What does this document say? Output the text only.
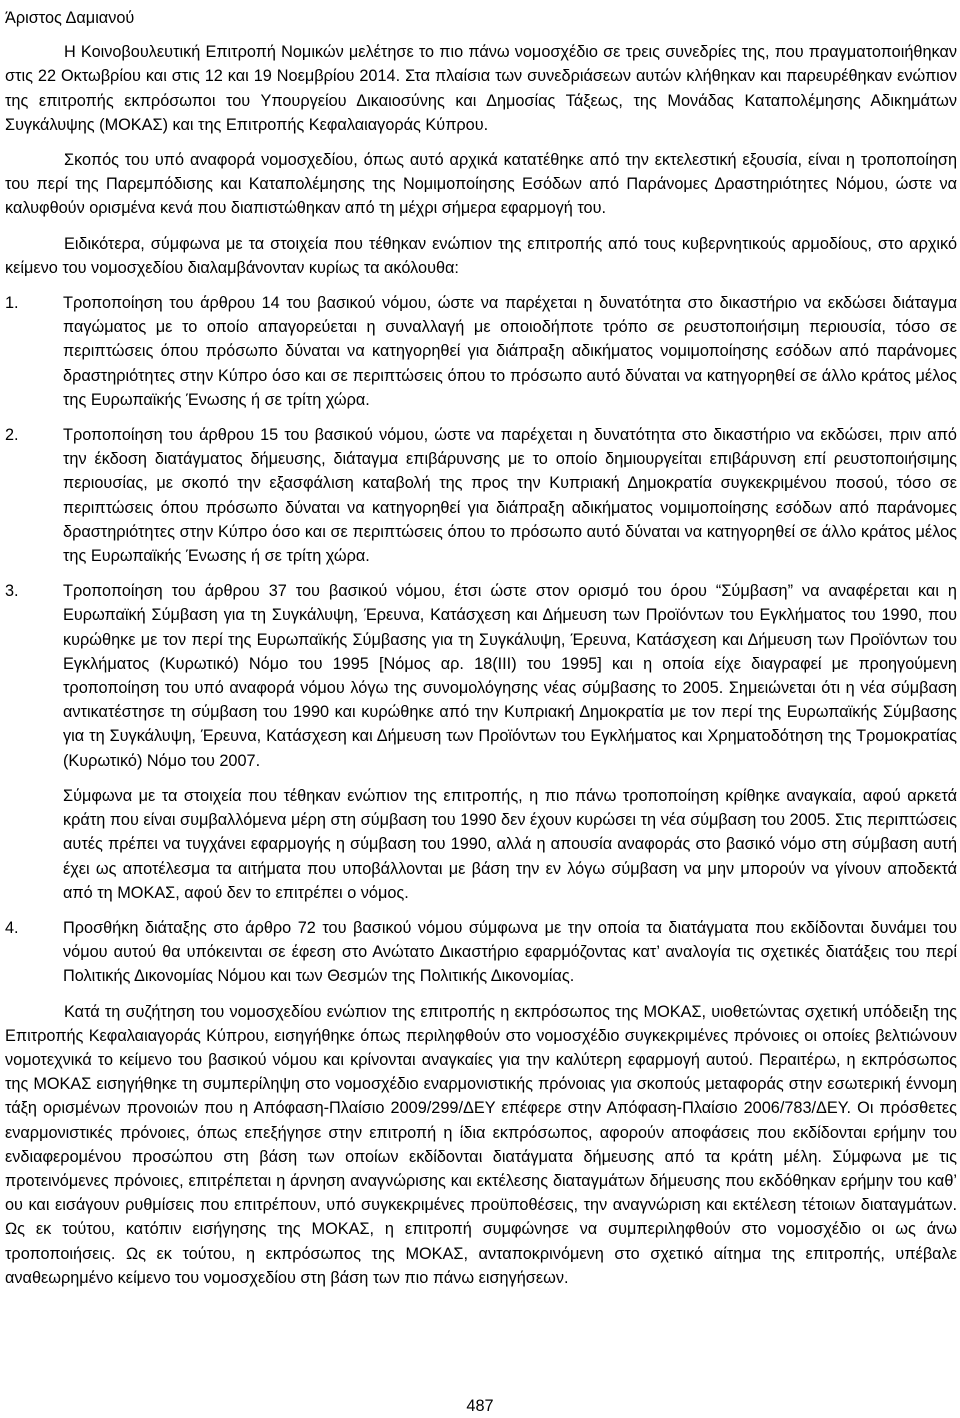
Άριστος Δαμιανού

Η Κοινοβουλευτική Επιτροπή Νομικών μελέτησε το πιο πάνω νομοσχέδιο σε τρεις συνεδρίες της, που πραγματοποιήθηκαν στις 22 Οκτωβρίου και στις 12 και 19 Νοεμβρίου 2014. Στα πλαίσια των συνεδριάσεων αυτών κλήθηκαν και παρευρέθηκαν ενώπιον της επιτροπής εκπρόσωποι του Υπουργείου Δικαιοσύνης και Δημοσίας Τάξεως, της Μονάδας Καταπολέμησης Αδικημάτων Συγκάλυψης (ΜΟΚΑΣ) και της Επιτροπής Κεφαλαιαγοράς Κύπρου.

Σκοπός του υπό αναφορά νομοσχεδίου, όπως αυτό αρχικά κατατέθηκε από την εκτελεστική εξουσία, είναι η τροποποίηση του περί της Παρεμπόδισης και Καταπολέμησης της Νομιμοποίησης Εσόδων από Παράνομες Δραστηριότητες Νόμου, ώστε να καλυφθούν ορισμένα κενά που διαπιστώθηκαν από τη μέχρι σήμερα εφαρμογή του.

Ειδικότερα, σύμφωνα με τα στοιχεία που τέθηκαν ενώπιον της επιτροπής από τους κυβερνητικούς αρμοδίους, στο αρχικό κείμενο του νομοσχεδίου διαλαμβάνονταν κυρίως τα ακόλουθα:

1.	Τροποποίηση του άρθρου 14 του βασικού νόμου, ώστε να παρέχεται η δυνατότητα στο δικαστήριο να εκδώσει διάταγμα παγώματος με το οποίο απαγορεύεται η συναλλαγή με οποιοδήποτε τρόπο σε ρευστοποιήσιμη περιουσία, τόσο σε περιπτώσεις όπου πρόσωπο δύναται να κατηγορηθεί για διάπραξη αδικήματος νομιμοποίησης εσόδων από παράνομες δραστηριότητες στην Κύπρο όσο και σε περιπτώσεις όπου το πρόσωπο αυτό δύναται να κατηγορηθεί σε άλλο κράτος μέλος της Ευρωπαϊκής Ένωσης ή σε τρίτη χώρα.

2.	Τροποποίηση του άρθρου 15 του βασικού νόμου, ώστε να παρέχεται η δυνατότητα στο δικαστήριο να εκδώσει, πριν από την έκδοση διατάγματος δήμευσης, διάταγμα επιβάρυνσης με το οποίο δημιουργείται επιβάρυνση επί ρευστοποιήσιμης περιουσίας, με σκοπό την εξασφάλιση καταβολή της προς την Κυπριακή Δημοκρατία συγκεκριμένου ποσού, τόσο σε περιπτώσεις όπου πρόσωπο δύναται να κατηγορηθεί για διάπραξη αδικήματος νομιμοποίησης εσόδων από παράνομες δραστηριότητες στην Κύπρο όσο και σε περιπτώσεις όπου το πρόσωπο αυτό δύναται να κατηγορηθεί σε άλλο κράτος μέλος της Ευρωπαϊκής Ένωσης ή σε τρίτη χώρα.

3.	Τροποποίηση του άρθρου 37 του βασικού νόμου, έτσι ώστε στον ορισμό του όρου “Σύμβαση” να αναφέρεται και η Ευρωπαϊκή Σύμβαση για τη Συγκάλυψη, Έρευνα, Κατάσχεση και Δήμευση των Προϊόντων του Εγκλήματος του 1990, που κυρώθηκε με τον περί της Ευρωπαϊκής Σύμβασης για τη Συγκάλυψη, Έρευνα, Κατάσχεση και Δήμευση των Προϊόντων του Εγκλήματος (Κυρωτικό) Νόμο του 1995 [Νόμος αρ. 18(ΙΙΙ) του 1995] και η οποία είχε διαγραφεί με προηγούμενη τροποποίηση του υπό αναφορά νόμου λόγω της συνομολόγησης νέας σύμβασης το 2005. Σημειώνεται ότι η νέα σύμβαση αντικατέστησε τη σύμβαση του 1990 και κυρώθηκε από την Κυπριακή Δημοκρατία με τον περί της Ευρωπαϊκής Σύμβασης για τη Συγκάλυψη, Έρευνα, Κατάσχεση και Δήμευση των Προϊόντων του Εγκλήματος και Χρηματοδότηση της Τρομοκρατίας (Κυρωτικό) Νόμο του 2007.

Σύμφωνα με τα στοιχεία που τέθηκαν ενώπιον της επιτροπής, η πιο πάνω τροποποίηση κρίθηκε αναγκαία, αφού αρκετά κράτη που είναι συμβαλλόμενα μέρη στη σύμβαση του 1990 δεν έχουν κυρώσει τη νέα σύμβαση του 2005. Στις περιπτώσεις αυτές πρέπει να τυγχάνει εφαρμογής η σύμβαση του 1990, αλλά η απουσία αναφοράς στο βασικό νόμο στη σύμβαση αυτή έχει ως αποτέλεσμα τα αιτήματα που υποβάλλονται με βάση την εν λόγω σύμβαση να μην μπορούν να γίνουν αποδεκτά από τη ΜΟΚΑΣ, αφού δεν το επιτρέπει ο νόμος.

4.	Προσθήκη διάταξης στο άρθρο 72 του βασικού νόμου σύμφωνα με την οποία τα διατάγματα που εκδίδονται δυνάμει του νόμου αυτού θα υπόκεινται σε έφεση στο Ανώτατο Δικαστήριο εφαρμόζοντας κατ’ αναλογία τις σχετικές διατάξεις του περί Πολιτικής Δικονομίας Νόμου και των Θεσμών της Πολιτικής Δικονομίας.

Κατά τη συζήτηση του νομοσχεδίου ενώπιον της επιτροπής η εκπρόσωπος της ΜΟΚΑΣ, υιοθετώντας σχετική υπόδειξη της Επιτροπής Κεφαλαιαγοράς Κύπρου, εισηγήθηκε όπως περιληφθούν στο νομοσχέδιο συγκεκριμένες πρόνοιες οι οποίες βελτιώνουν νομοτεχνικά το κείμενο του βασικού νόμου και κρίνονται αναγκαίες για την καλύτερη εφαρμογή αυτού. Περαιτέρω, η εκπρόσωπος της ΜΟΚΑΣ εισηγήθηκε τη συμπερίληψη στο νομοσχέδιο εναρμονιστικής πρόνοιας για σκοπούς μεταφοράς στην εσωτερική έννομη τάξη ορισμένων προνοιών που η Απόφαση-Πλαίσιο 2009/299/ΔΕΥ επέφερε στην Απόφαση-Πλαίσιο 2006/783/ΔΕΥ. Οι πρόσθετες εναρμονιστικές πρόνοιες, όπως επεξήγησε στην επιτροπή η ίδια εκπρόσωπος, αφορούν αποφάσεις που εκδίδονται ερήμην του ενδιαφερομένου προσώπου στη βάση των οποίων εκδίδονται διατάγματα δήμευσης από τα κράτη μέλη. Σύμφωνα με τις προτεινόμενες πρόνοιες, επιτρέπεται η άρνηση αναγνώρισης και εκτέλεσης διαταγμάτων δήμευσης που εκδόθηκαν ερήμην του καθ’ ου και εισάγουν ρυθμίσεις που επιτρέπουν, υπό συγκεκριμένες προϋποθέσεις, την αναγνώριση και εκτέλεση τέτοιων διαταγμάτων. Ως εκ τούτου, κατόπιν εισήγησης της ΜΟΚΑΣ, η επιτροπή συμφώνησε να συμπεριληφθούν στο νομοσχέδιο οι ως άνω τροποποιήσεις. Ως εκ τούτου, η εκπρόσωπος της ΜΟΚΑΣ, ανταποκρινόμενη στο σχετικό αίτημα της επιτροπής, υπέβαλε αναθεωρημένο κείμενο του νομοσχεδίου στη βάση των πιο πάνω εισηγήσεων.

487
